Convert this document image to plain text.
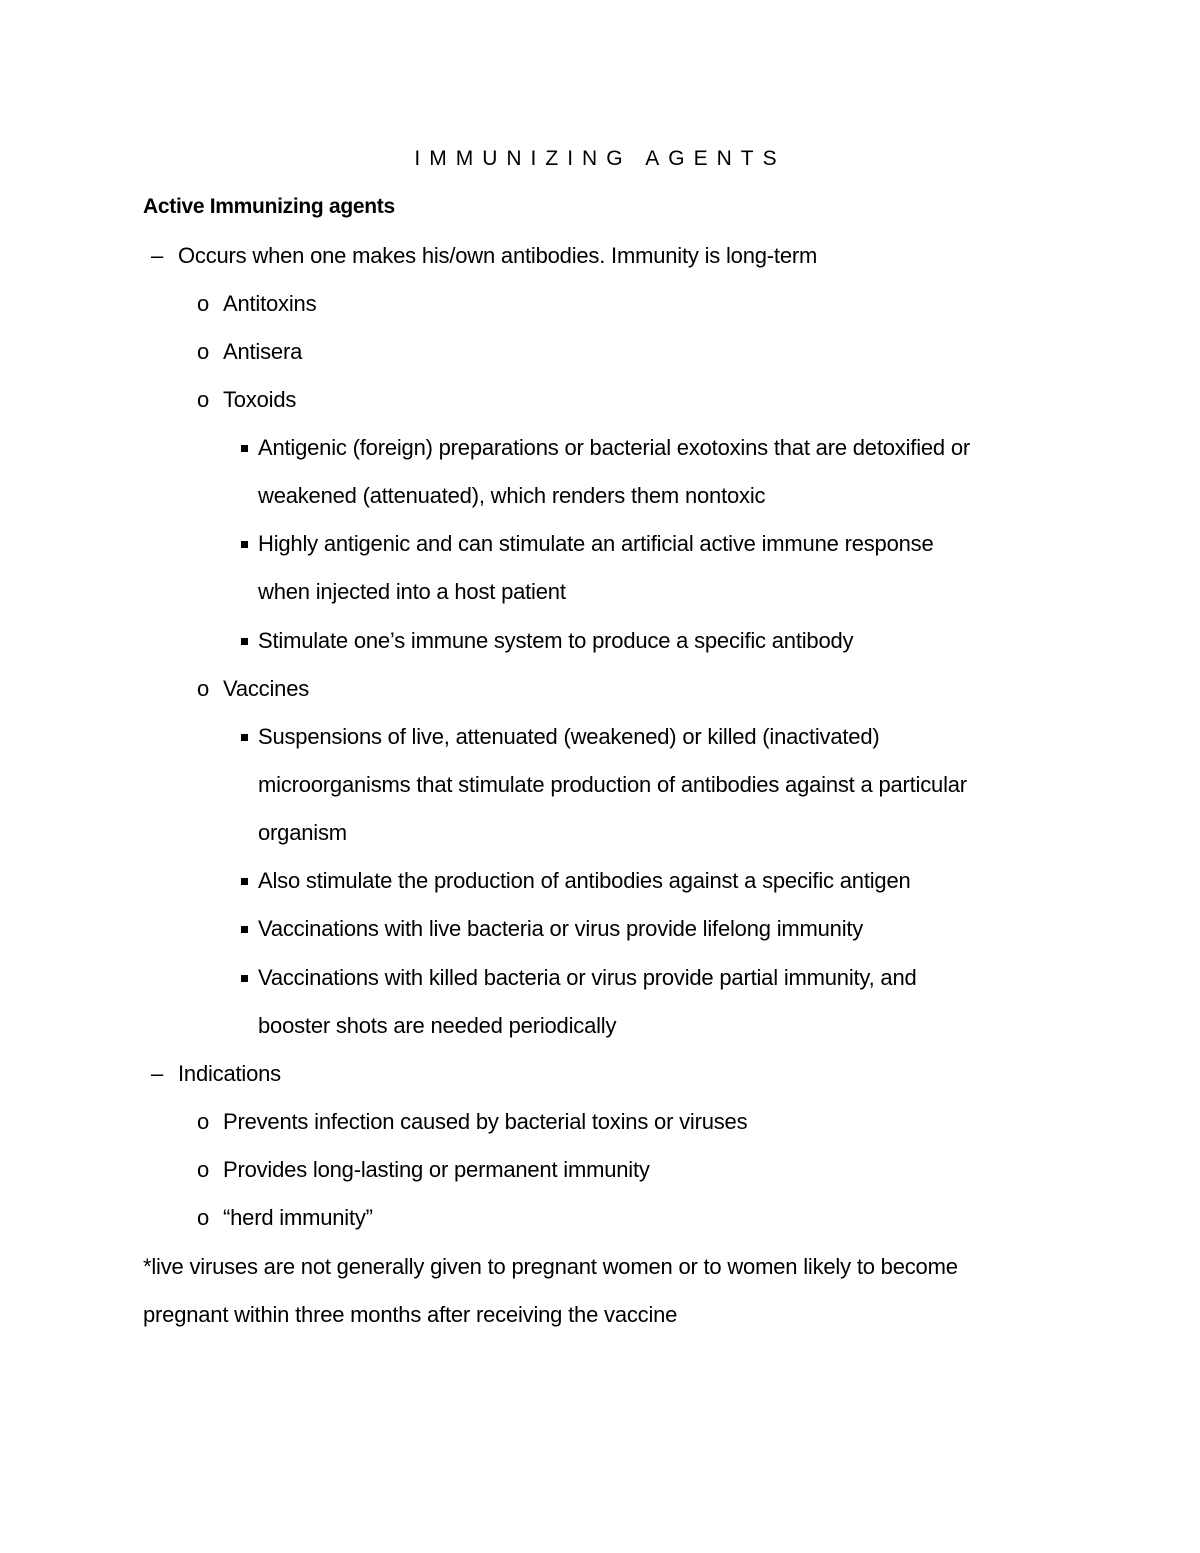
IMMUNIZING AGENTS
Active Immunizing agents
– Occurs when one makes his/own antibodies. Immunity is long-term
o Antitoxins
o Antisera
o Toxoids
Antigenic (foreign) preparations or bacterial exotoxins that are detoxified or
weakened (attenuated), which renders them nontoxic
Highly antigenic and can stimulate an artificial active immune response
when injected into a host patient
Stimulate one’s immune system to produce a specific antibody
o Vaccines
Suspensions of live, attenuated (weakened) or killed (inactivated)
microorganisms that stimulate production of antibodies against a particular
organism
Also stimulate the production of antibodies against a specific antigen
Vaccinations with live bacteria or virus provide lifelong immunity
Vaccinations with killed bacteria or virus provide partial immunity, and
booster shots are needed periodically
– Indications
o Prevents infection caused by bacterial toxins or viruses
o Provides long-lasting or permanent immunity
o “herd immunity”
*live viruses are not generally given to pregnant women or to women likely to become
pregnant within three months after receiving the vaccine
